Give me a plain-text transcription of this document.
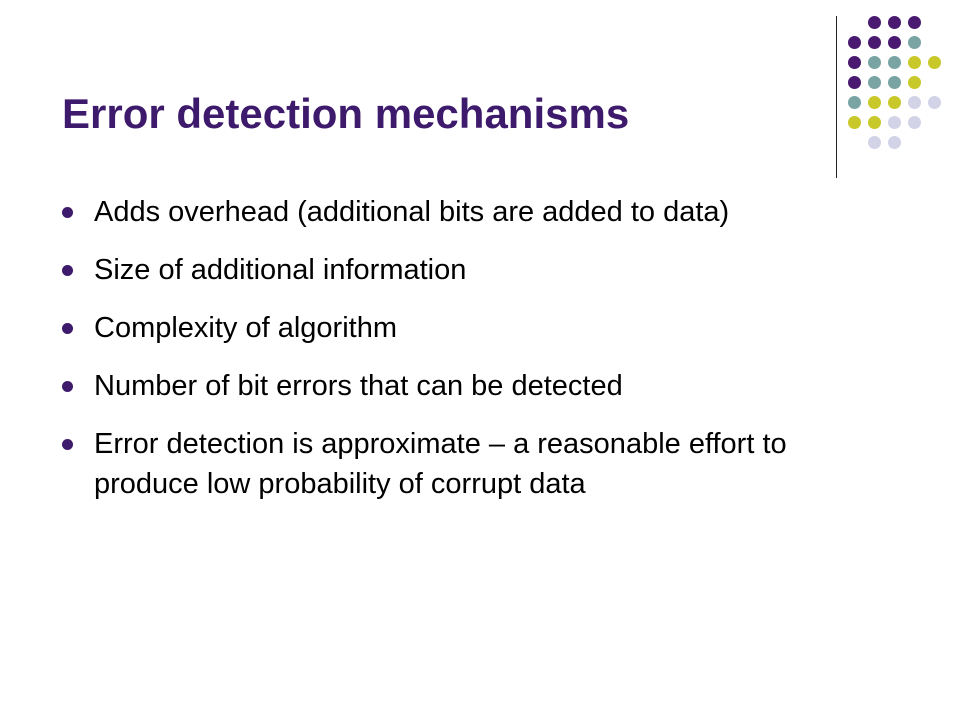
Error detection mechanisms
Adds overhead (additional bits are added to data)
Size of additional information
Complexity of algorithm
Number of bit errors that can be detected
Error detection is approximate – a reasonable effort to produce low probability of corrupt data
